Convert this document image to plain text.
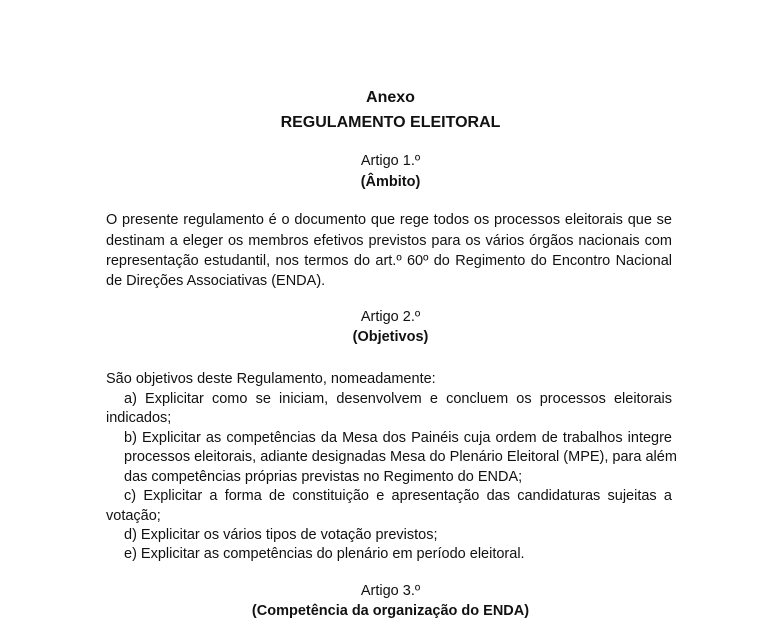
Anexo
REGULAMENTO ELEITORAL
Artigo 1.º
(Âmbito)
O presente regulamento é o documento que rege todos os processos eleitorais que se
destinam a eleger os membros efetivos previstos para os vários órgãos nacionais com
representação estudantil, nos termos do art.º 60º do Regimento do Encontro Nacional
de Direções Associativas (ENDA).
Artigo 2.º
(Objetivos)
São objetivos deste Regulamento, nomeadamente:
a) Explicitar como se iniciam, desenvolvem e concluem os processos eleitorais
indicados;
b) Explicitar as competências da Mesa dos Painéis cuja ordem de trabalhos integre
processos eleitorais, adiante designadas Mesa do Plenário Eleitoral (MPE), para além
das competências próprias previstas no Regimento do ENDA;
c) Explicitar a forma de constituição e apresentação das candidaturas sujeitas a
votação;
d) Explicitar os vários tipos de votação previstos;
e) Explicitar as competências do plenário em período eleitoral.
Artigo 3.º
(Competência da organização do ENDA)
